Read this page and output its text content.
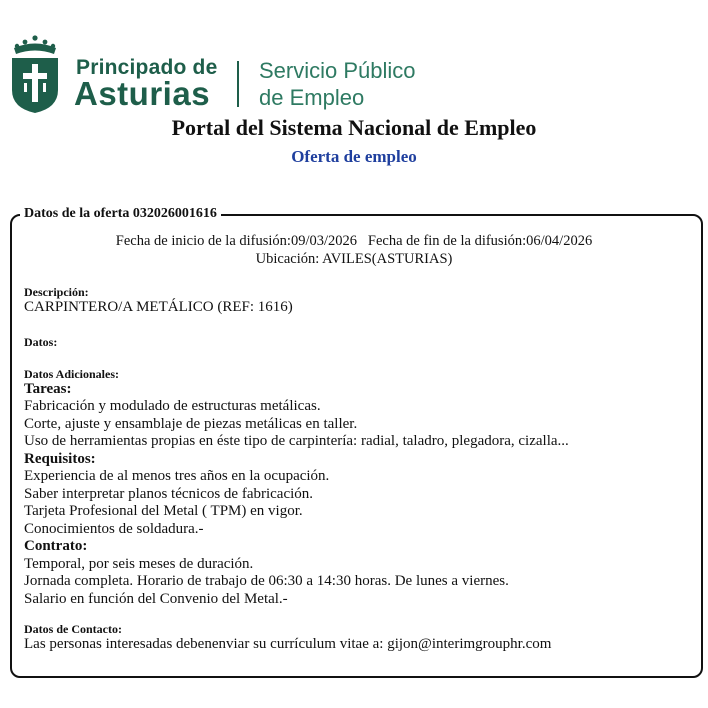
Principado de
Asturias
Servicio Público
de Empleo
Portal del Sistema Nacional de Empleo
Oferta de empleo
Datos de la oferta 032026001616
Fecha de inicio de la difusión:09/03/2026   Fecha de fin de la difusión:06/04/2026
Ubicación: AVILES(ASTURIAS)
Descripción:
CARPINTERO/A METÁLICO (REF: 1616)
Datos:
Datos Adicionales:
Tareas:
Fabricación y modulado de estructuras metálicas.
Corte, ajuste y ensamblaje de piezas metálicas en taller.
Uso de herramientas propias en éste tipo de carpintería: radial, taladro, plegadora, cizalla...
Requisitos:
Experiencia de al menos tres años en la ocupación.
Saber interpretar planos técnicos de fabricación.
Tarjeta Profesional del Metal ( TPM) en vigor.
Conocimientos de soldadura.-
Contrato:
Temporal, por seis meses de duración.
Jornada completa. Horario de trabajo de 06:30 a 14:30 horas. De lunes a viernes.
Salario en función del Convenio del Metal.-
Datos de Contacto:
Las personas interesadas debenenviar su currículum vitae a: gijon@interimgrouphr.com
